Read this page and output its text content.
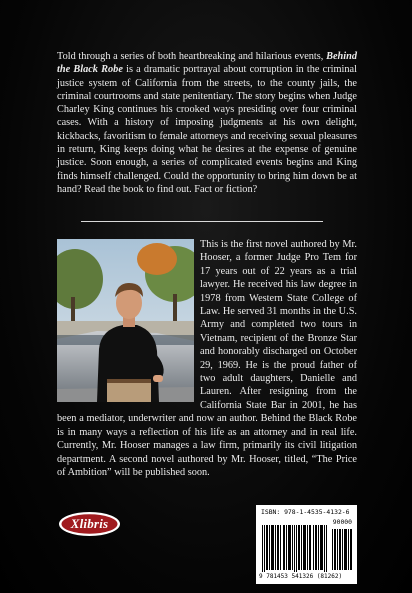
Told through a series of both heartbreaking and hilarious events, Behind the Black Robe is a dramatic portrayal about corruption in the criminal justice system of California from the streets, to the county jails, the criminal courtrooms and state penitentiary. The story begins when Judge Charley King continues his crooked ways presiding over four criminal cases. With a history of imposing judgments at his own delight, kickbacks, favoritism to female attorneys and receiving sexual pleasures in return, King keeps doing what he desires at the expense of genuine justice. Soon enough, a series of complicated events begins and King finds himself challenged. Could the opportunity to bring him down be at hand? Read the book to find out. Fact or fiction?

This is the first novel authored by Mr. Hooser, a former Judge Pro Tem for 17 years out of 22 years as a trial lawyer. He received his law degree in 1978 from Western State College of Law. He served 31 months in the U.S. Army and completed two tours in Vietnam, recipient of the Bronze Star and honorably discharged on October 29, 1969. He is the proud father of two adult daughters, Danielle and Lauren. After resigning from the California State Bar in 2001, he has been a mediator, underwriter and now an author. Behind the Black Robe is in many ways a reflection of his life as an attorney and in real life. Currently, Mr. Hooser manages a law firm, primarily its civil litigation department. A second novel authored by Mr. Hooser, titled, “The Price of Ambition” will be published soon.

Xlibris
ISBN: 978-1-4535-4132-6
90000
9 781453 541326 (81262)
